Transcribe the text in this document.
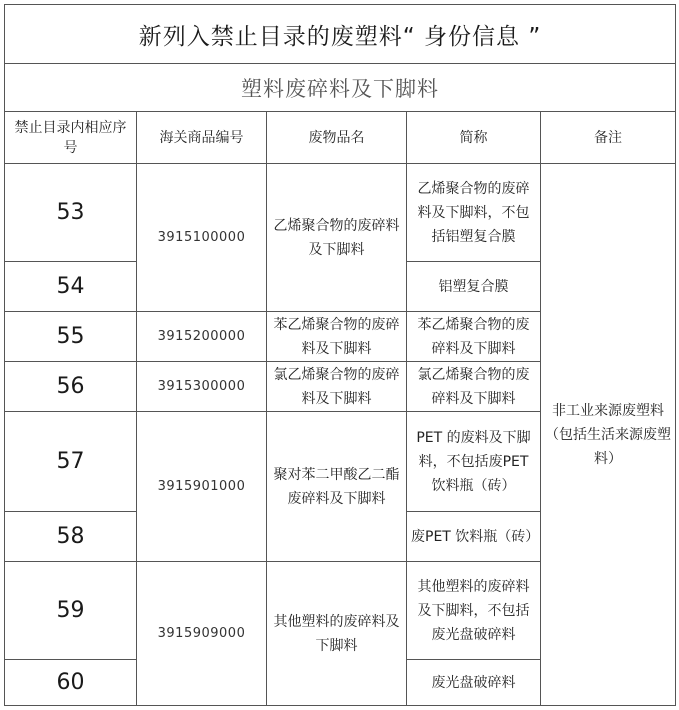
新列入禁止目录的废塑料“ 身份信息 ”				
塑料废碎料及下脚料				
禁止目录内相应序号	海关商品编号	废物品名	简称	备注
53	3915100000	乙烯聚合物的废碎料及下脚料	乙烯聚合物的废碎料及下脚料，不包括铝塑复合膜	非工业来源废塑料（包括生活来源废塑料）
54			铝塑复合膜	
55	3915200000	苯乙烯聚合物的废碎料及下脚料	苯乙烯聚合物的废碎料及下脚料	
56	3915300000	氯乙烯聚合物的废碎料及下脚料	氯乙烯聚合物的废碎料及下脚料	
57	3915901000	聚对苯二甲酸乙二酯废碎料及下脚料	PET 的废料及下脚料，不包括废PET 饮料瓶（砖）	
58			废PET 饮料瓶（砖）	
59	3915909000	其他塑料的废碎料及下脚料	其他塑料的废碎料及下脚料，不包括废光盘破碎料	
60			废光盘破碎料	
